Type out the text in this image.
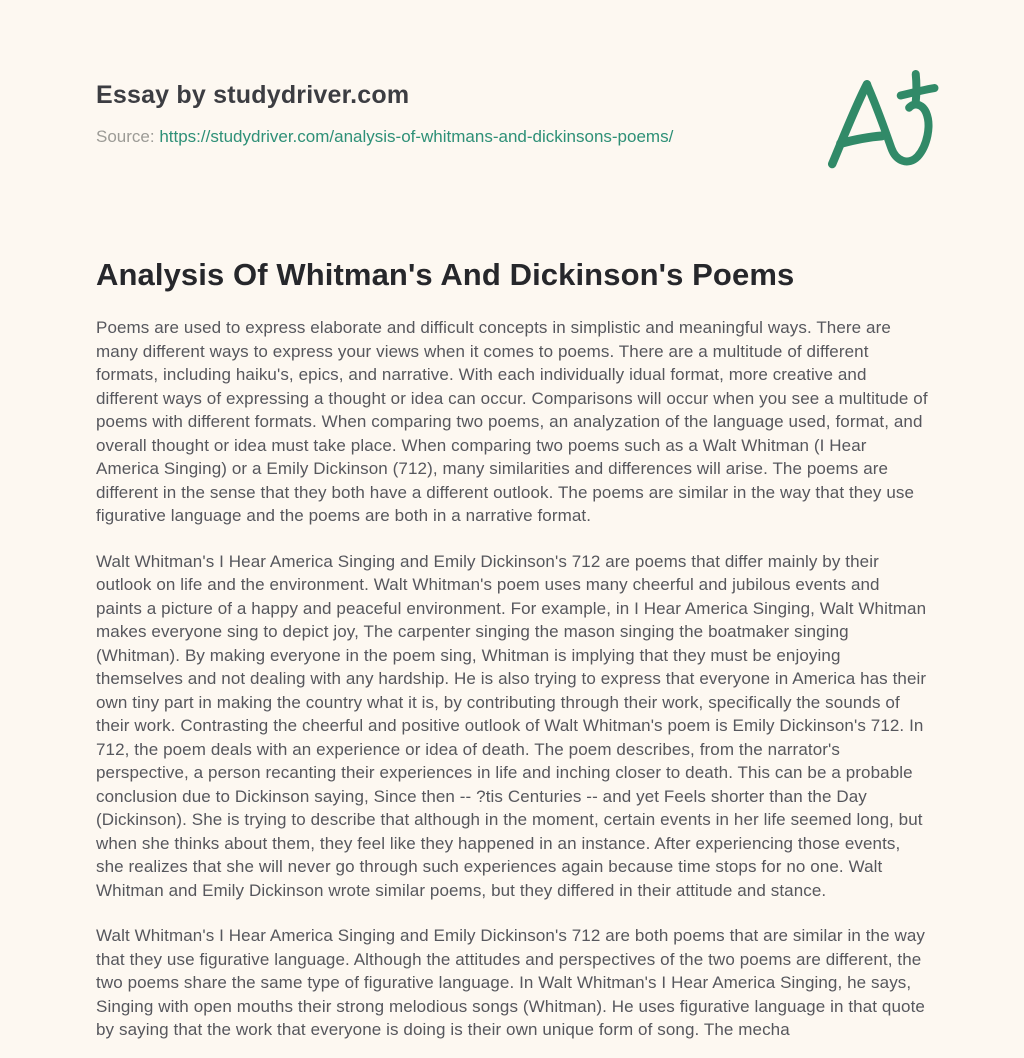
Essay by studydriver.com
Source: https://studydriver.com/analysis-of-whitmans-and-dickinsons-poems/
Analysis Of Whitman's And Dickinson's Poems

Poems are used to express elaborate and difficult concepts in simplistic and meaningful ways. There are many different ways to express your views when it comes to poems. There are a multitude of different formats, including haiku's, epics, and narrative. With each individually idual format, more creative and different ways of expressing a thought or idea can occur. Comparisons will occur when you see a multitude of poems with different formats. When comparing two poems, an analyzation of the language used, format, and overall thought or idea must take place. When comparing two poems such as a Walt Whitman (I Hear America Singing) or a Emily Dickinson (712), many similarities and differences will arise. The poems are different in the sense that they both have a different outlook. The poems are similar in the way that they use figurative language and the poems are both in a narrative format.

Walt Whitman's I Hear America Singing and Emily Dickinson's 712 are poems that differ mainly by their outlook on life and the environment. Walt Whitman's poem uses many cheerful and jubilous events and paints a picture of a happy and peaceful environment. For example, in I Hear America Singing, Walt Whitman makes everyone sing to depict joy, The carpenter singing the mason singing the boatmaker singing (Whitman). By making everyone in the poem sing, Whitman is implying that they must be enjoying themselves and not dealing with any hardship. He is also trying to express that everyone in America has their own tiny part in making the country what it is, by contributing through their work, specifically the sounds of their work. Contrasting the cheerful and positive outlook of Walt Whitman's poem is Emily Dickinson's 712. In 712, the poem deals with an experience or idea of death. The poem describes, from the narrator's perspective, a person recanting their experiences in life and inching closer to death. This can be a probable conclusion due to Dickinson saying, Since then -- ?tis Centuries -- and yet Feels shorter than the Day (Dickinson). She is trying to describe that although in the moment, certain events in her life seemed long, but when she thinks about them, they feel like they happened in an instance. After experiencing those events, she realizes that she will never go through such experiences again because time stops for no one. Walt Whitman and Emily Dickinson wrote similar poems, but they differed in their attitude and stance.

Walt Whitman's I Hear America Singing and Emily Dickinson's 712 are both poems that are similar in the way that they use figurative language. Although the attitudes and perspectives of the two poems are different, the two poems share the same type of figurative language. In Walt Whitman's I Hear America Singing, he says, Singing with open mouths their strong melodious songs (Whitman). He uses figurative language in that quote by saying that the work that everyone is doing is their own unique form of song. The mecha
